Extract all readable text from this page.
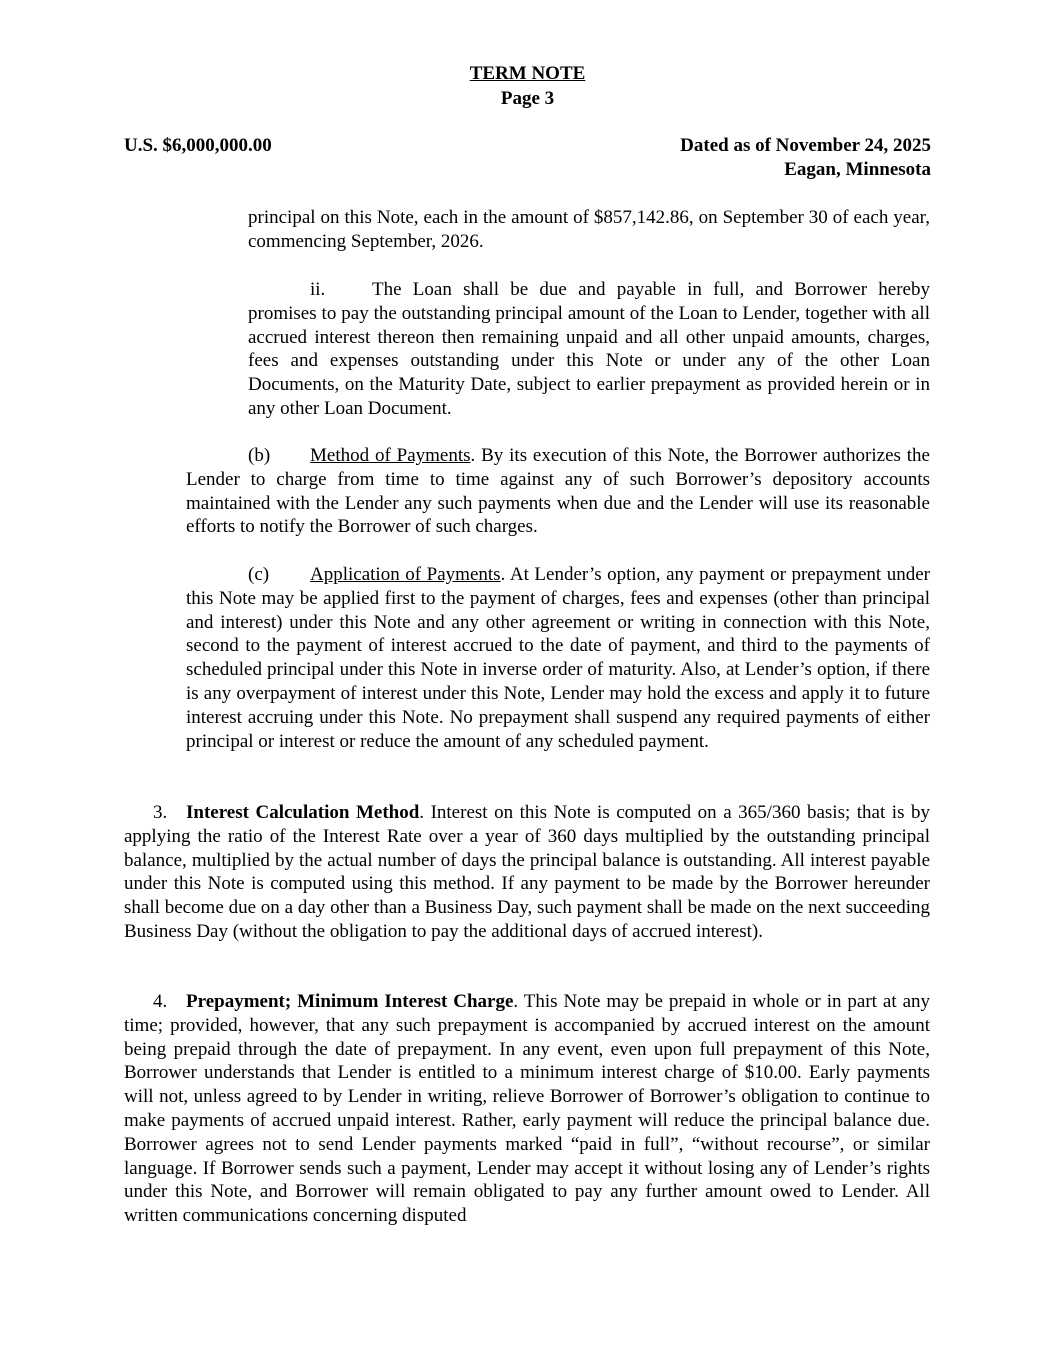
TERM NOTE
Page 3
U.S. $6,000,000.00	Dated as of November 24, 2025
Eagan, Minnesota

principal on this Note, each in the amount of $857,142.86, on September 30 of each year, commencing September, 2026.

ii. The Loan shall be due and payable in full, and Borrower hereby promises to pay the outstanding principal amount of the Loan to Lender, together with all accrued interest thereon then remaining unpaid and all other unpaid amounts, charges, fees and expenses outstanding under this Note or under any of the other Loan Documents, on the Maturity Date, subject to earlier prepayment as provided herein or in any other Loan Document.

(b) Method of Payments. By its execution of this Note, the Borrower authorizes the Lender to charge from time to time against any of such Borrower’s depository accounts maintained with the Lender any such payments when due and the Lender will use its reasonable efforts to notify the Borrower of such charges.

(c) Application of Payments. At Lender’s option, any payment or prepayment under this Note may be applied first to the payment of charges, fees and expenses (other than principal and interest) under this Note and any other agreement or writing in connection with this Note, second to the payment of interest accrued to the date of payment, and third to the payments of scheduled principal under this Note in inverse order of maturity. Also, at Lender’s option, if there is any overpayment of interest under this Note, Lender may hold the excess and apply it to future interest accruing under this Note. No prepayment shall suspend any required payments of either principal or interest or reduce the amount of any scheduled payment.

3. Interest Calculation Method. Interest on this Note is computed on a 365/360 basis; that is by applying the ratio of the Interest Rate over a year of 360 days multiplied by the outstanding principal balance, multiplied by the actual number of days the principal balance is outstanding. All interest payable under this Note is computed using this method. If any payment to be made by the Borrower hereunder shall become due on a day other than a Business Day, such payment shall be made on the next succeeding Business Day (without the obligation to pay the additional days of accrued interest).

4. Prepayment; Minimum Interest Charge. This Note may be prepaid in whole or in part at any time; provided, however, that any such prepayment is accompanied by accrued interest on the amount being prepaid through the date of prepayment. In any event, even upon full prepayment of this Note, Borrower understands that Lender is entitled to a minimum interest charge of $10.00. Early payments will not, unless agreed to by Lender in writing, relieve Borrower of Borrower’s obligation to continue to make payments of accrued unpaid interest. Rather, early payment will reduce the principal balance due. Borrower agrees not to send Lender payments marked “paid in full”, “without recourse”, or similar language. If Borrower sends such a payment, Lender may accept it without losing any of Lender’s rights under this Note, and Borrower will remain obligated to pay any further amount owed to Lender. All written communications concerning disputed
